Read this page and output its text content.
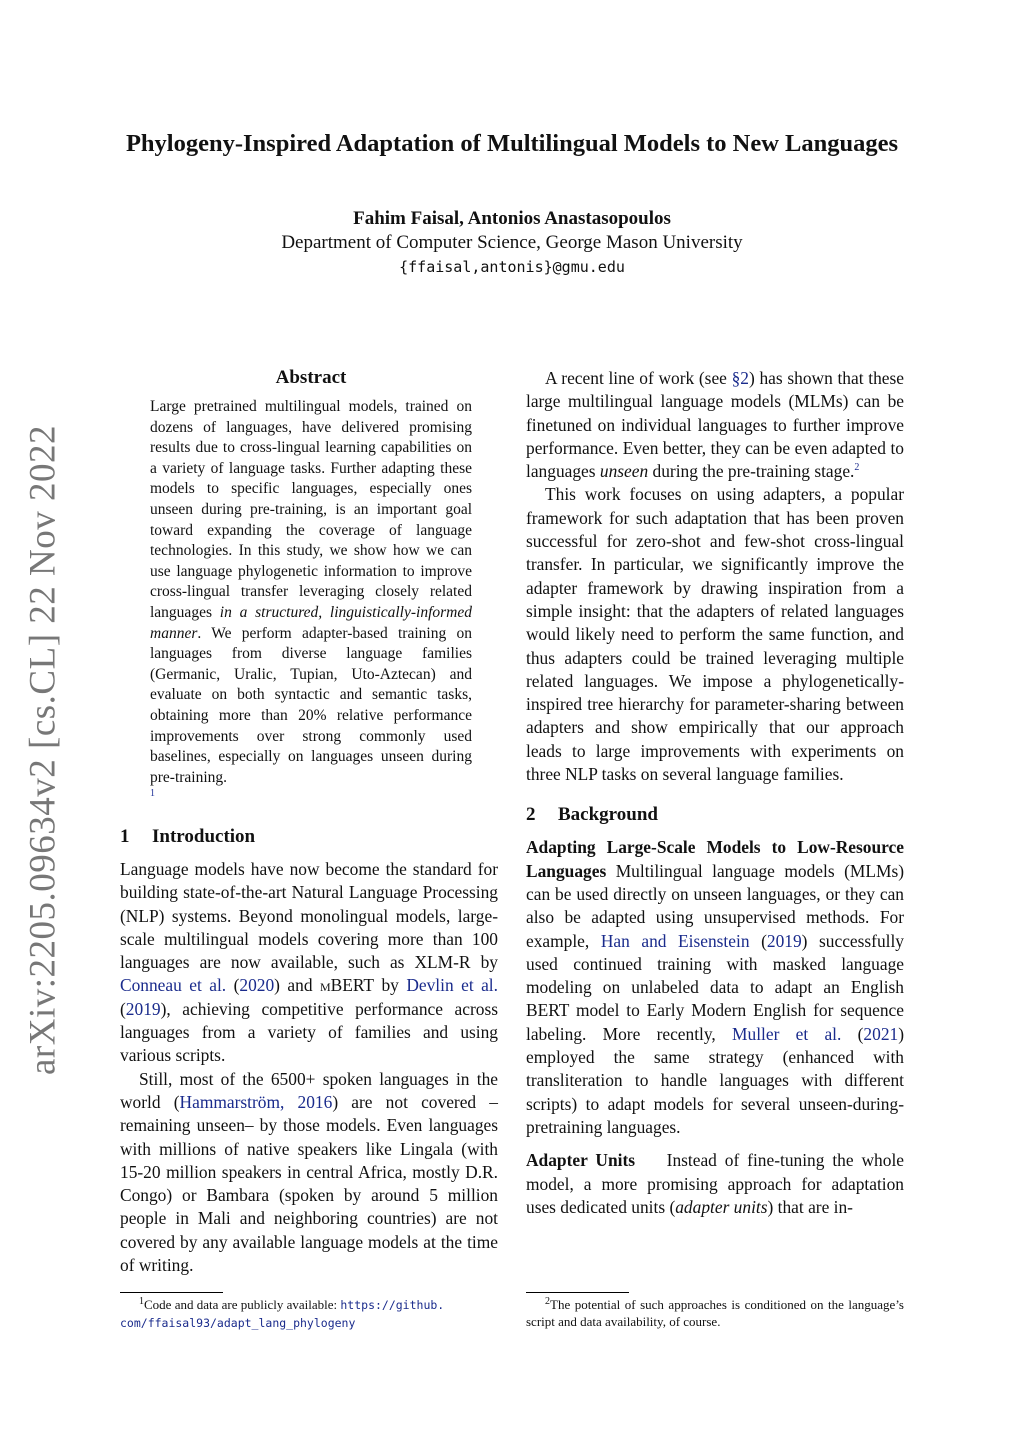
arXiv:2205.09634v2 [cs.CL] 22 Nov 2022
Phylogeny-Inspired Adaptation of Multilingual Models to New Languages
Fahim Faisal, Antonios Anastasopoulos
Department of Computer Science, George Mason University
{ffaisal,antonis}@gmu.edu
Abstract

Large pretrained multilingual models, trained on dozens of languages, have delivered promising results due to cross-lingual learning capabilities on a variety of language tasks. Further adapting these models to specific languages, especially ones unseen during pre-training, is an important goal toward expanding the coverage of language technologies. In this study, we show how we can use language phylogenetic information to improve cross-lingual transfer leveraging closely related languages in a structured, linguistically-informed manner. We perform adapter-based training on languages from diverse language families (Germanic, Uralic, Tupian, Uto-Aztecan) and evaluate on both syntactic and semantic tasks, obtaining more than 20% relative performance improvements over strong commonly used baselines, especially on languages unseen during pre-training.

1
1 Introduction

Language models have now become the standard for building state-of-the-art Natural Language Processing (NLP) systems. Beyond monolingual models, large-scale multilingual models covering more than 100 languages are now available, such as XLM-R by Conneau et al. (2020) and mBERT by Devlin et al. (2019), achieving competitive performance across languages from a variety of families and using various scripts.

Still, most of the 6500+ spoken languages in the world (Hammarström, 2016) are not covered –remaining unseen– by those models. Even languages with millions of native speakers like Lingala (with 15-20 million speakers in central Africa, mostly D.R. Congo) or Bambara (spoken by around 5 million people in Mali and neighboring countries) are not covered by any available language models at the time of writing.

$^1$Code and data are publicly available: https://github.
com/ffaisal93/adapt_lang_phylogeny

A recent line of work (see §2) has shown that these large multilingual language models (MLMs) can be finetuned on individual languages to further improve performance. Even better, they can be even adapted to languages unseen during the pre-training stage.$^2$

This work focuses on using adapters, a popular framework for such adaptation that has been proven successful for zero-shot and few-shot cross-lingual transfer. In particular, we significantly improve the adapter framework by drawing inspiration from a simple insight: that the adapters of related languages would likely need to perform the same function, and thus adapters could be trained leveraging multiple related languages. We impose a phylogenetically-inspired tree hierarchy for parameter-sharing between adapters and show empirically that our approach leads to large improvements with experiments on three NLP tasks on several language families.

2 Background

Adapting Large-Scale Models to Low-Resource Languages Multilingual language models (MLMs) can be used directly on unseen languages, or they can also be adapted using unsupervised methods. For example, Han and Eisenstein (2019) successfully used continued training with masked language modeling on unlabeled data to adapt an English BERT model to Early Modern English for sequence labeling. More recently, Muller et al. (2021) employed the same strategy (enhanced with transliteration to handle languages with different scripts) to adapt models for several unseen-during-pretraining languages.

Adapter Units    Instead of fine-tuning the whole model, a more promising approach for adaptation uses dedicated units (adapter units) that are in-

$^2$The potential of such approaches is conditioned on the language’s script and data availability, of course.
